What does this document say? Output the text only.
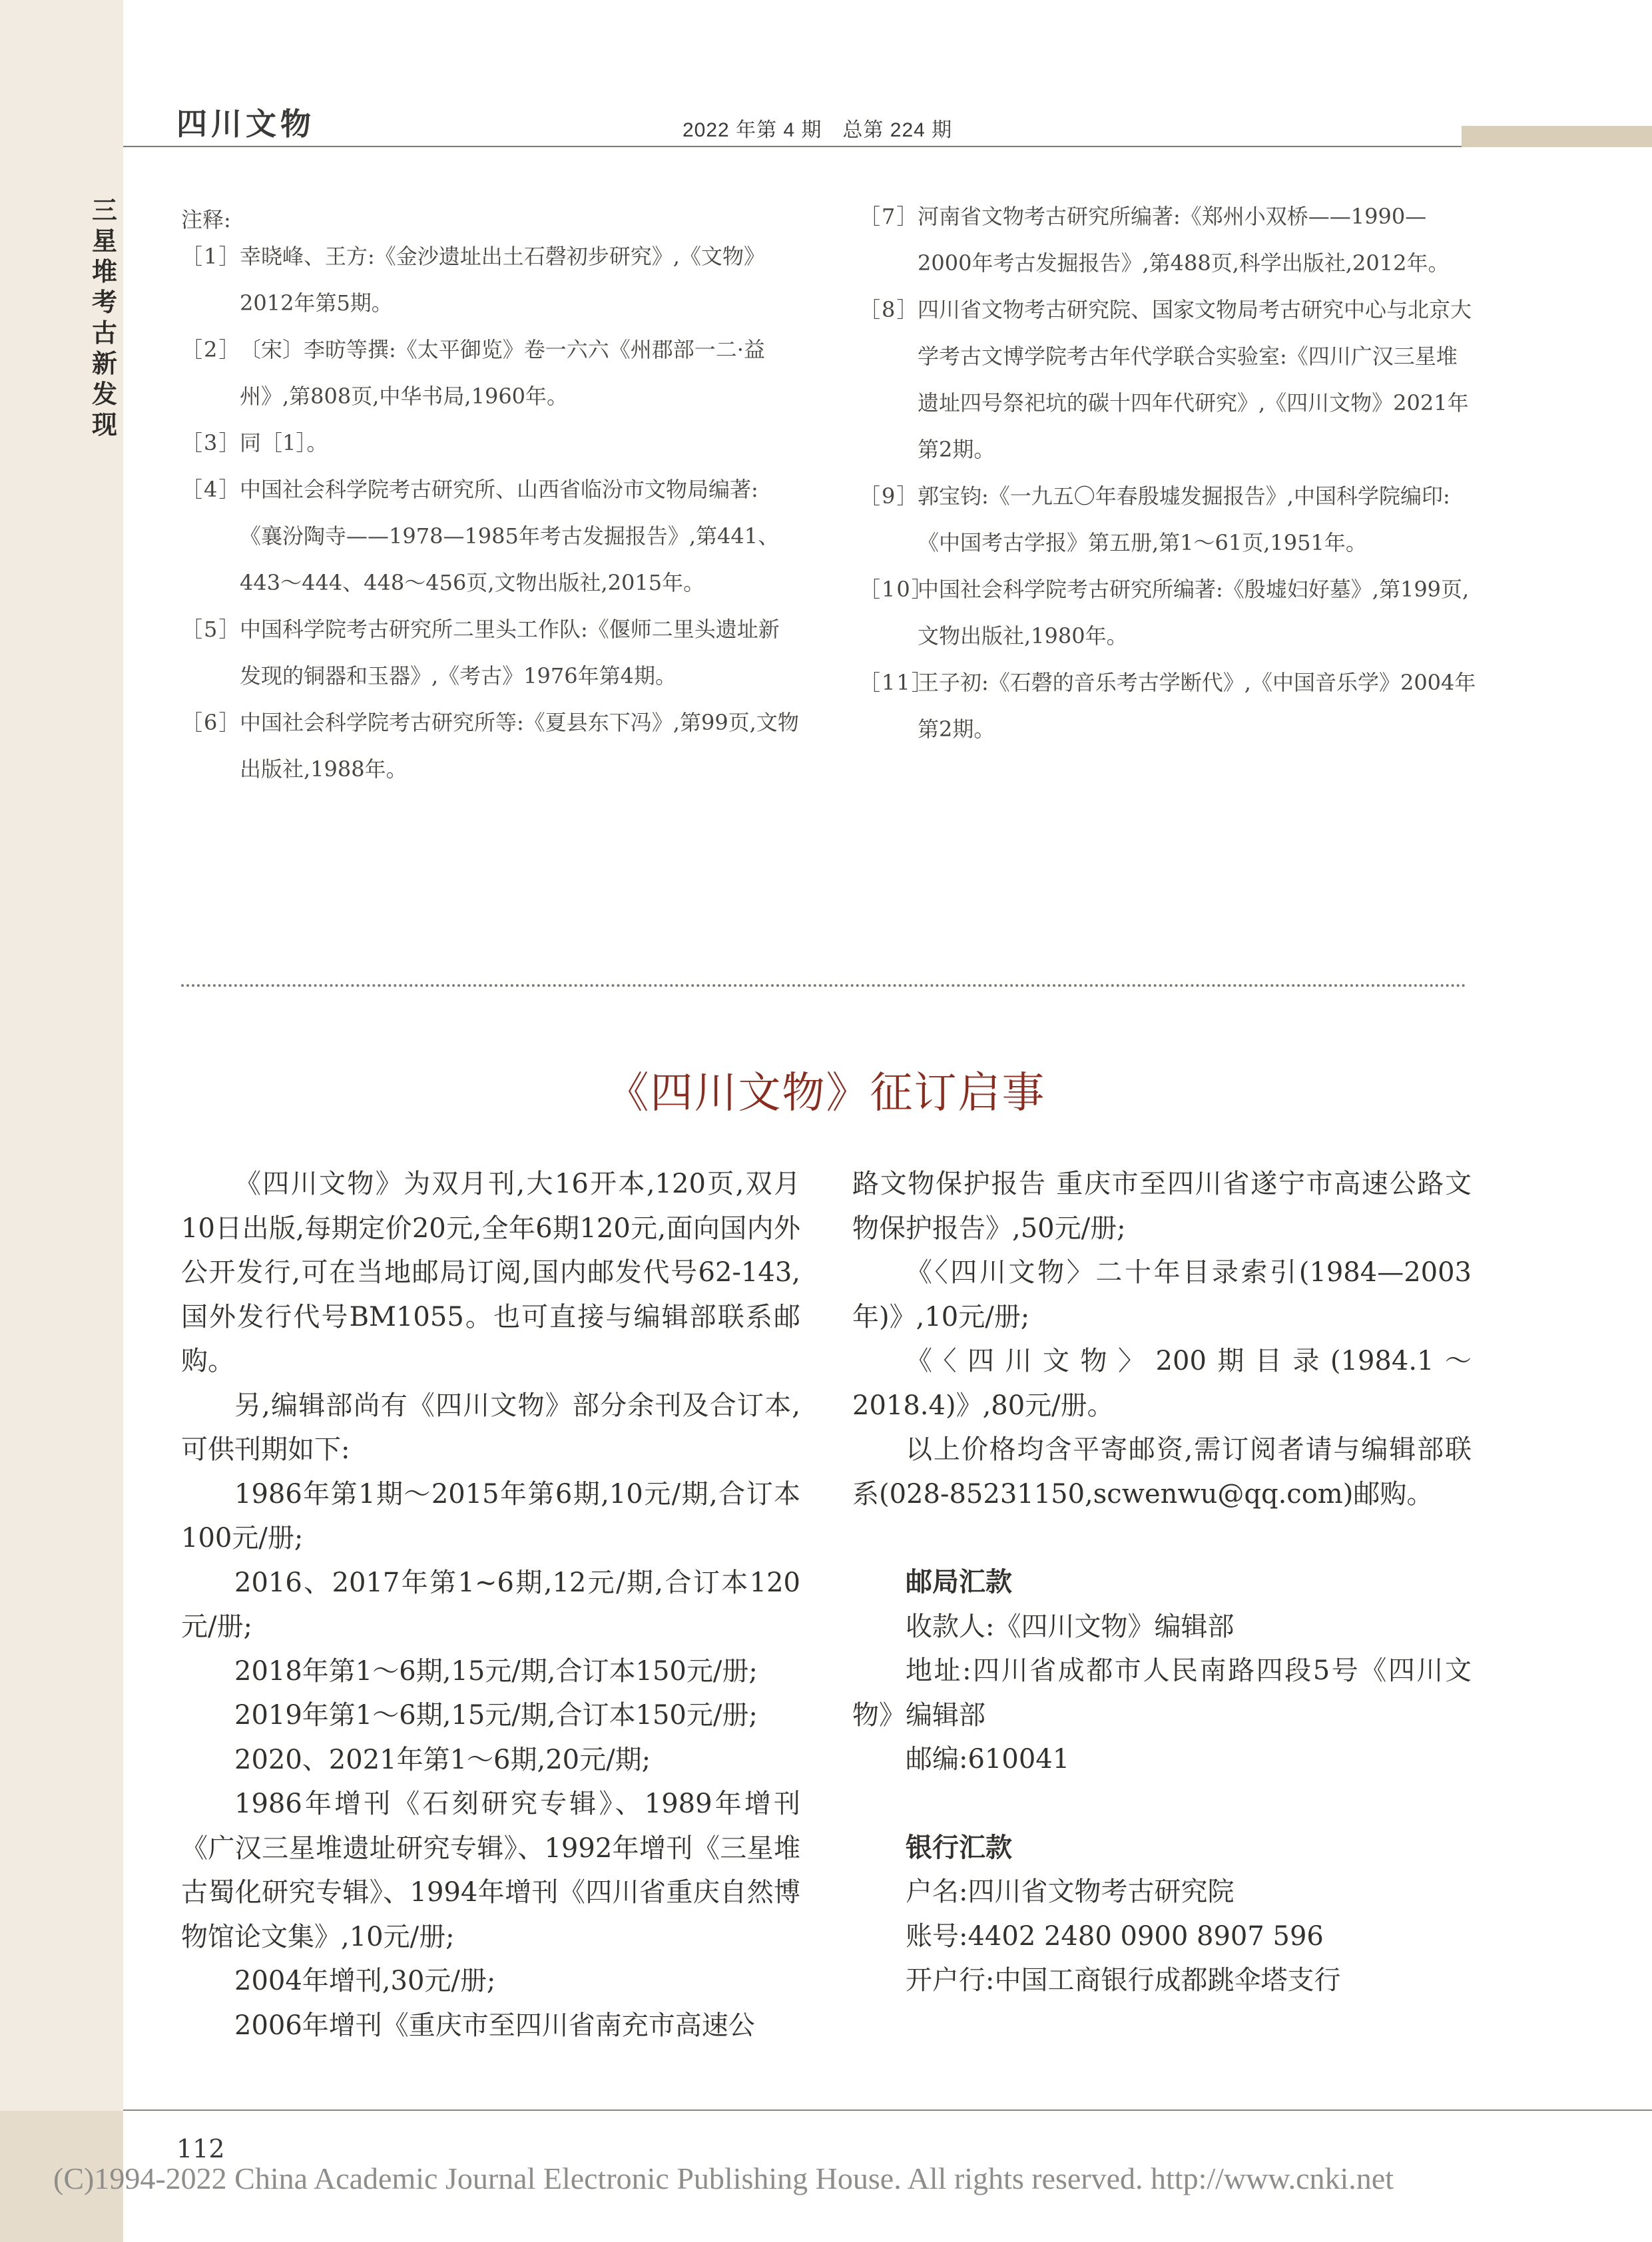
三
星
堆
考
古
新
发
现
四川文物	2022 年第 4 期　总第 224 期
注释:
［1］
幸晓峰、王方:《金沙遗址出土石磬初步研究》,《文物》2012年第5期。
［2］
〔宋〕李昉等撰:《太平御览》卷一六六《州郡部一二·益州》,第808页,中华书局,1960年。
［3］
同［1］。
［4］
中国社会科学院考古研究所、山西省临汾市文物局编著:《襄汾陶寺——1978—1985年考古发掘报告》,第441、443～444、448～456页,文物出版社,2015年。
［5］
中国科学院考古研究所二里头工作队:《偃师二里头遗址新发现的铜器和玉器》,《考古》1976年第4期。
［6］
中国社会科学院考古研究所等:《夏县东下冯》,第99页,文物出版社,1988年。
［7］
河南省文物考古研究所编著:《郑州小双桥——1990—2000年考古发掘报告》,第488页,科学出版社,2012年。
［8］
四川省文物考古研究院、国家文物局考古研究中心与北京大学考古文博学院考古年代学联合实验室:《四川广汉三星堆遗址四号祭祀坑的碳十四年代研究》,《四川文物》2021年第2期。
［9］
郭宝钧:《一九五〇年春殷墟发掘报告》,中国科学院编印:《中国考古学报》第五册,第1～61页,1951年。
［10］
中国社会科学院考古研究所编著:《殷墟妇好墓》,第199页,文物出版社,1980年。
［11］
王子初:《石磬的音乐考古学断代》,《中国音乐学》2004年第2期。
《四川文物》征订启事

《四川文物》为双月刊,大16开本,120页,双月10日出版,每期定价20元,全年6期120元,面向国内外公开发行,可在当地邮局订阅,国内邮发代号62-143,国外发行代号BM1055。也可直接与编辑部联系邮购。

另,编辑部尚有《四川文物》部分余刊及合订本,可供刊期如下:

1986年第1期～2015年第6期,10元/期,合订本100元/册;

2016、2017年第1~6期,12元/期,合订本120元/册;

2018年第1～6期,15元/期,合订本150元/册;

2019年第1～6期,15元/期,合订本150元/册;

2020、2021年第1～6期,20元/期;

1986年增刊《石刻研究专辑》、1989年增刊《广汉三星堆遗址研究专辑》、1992年增刊《三星堆古蜀化研究专辑》、1994年增刊《四川省重庆自然博物馆论文集》,10元/册;

2004年增刊,30元/册;

2006年增刊《重庆市至四川省南充市高速公

路文物保护报告 重庆市至四川省遂宁市高速公路文物保护报告》,50元/册;

《〈四川文物〉二十年目录索引(1984—2003年)》,10元/册;

《〈四川文物〉200期目录(1984.1～2018.4)》,80元/册。

以上价格均含平寄邮资,需订阅者请与编辑部联系(028-85231150,scwenwu@qq.com)邮购。

邮局汇款

收款人:《四川文物》编辑部

地址:四川省成都市人民南路四段5号《四川文物》编辑部

邮编:610041

银行汇款

户名:四川省文物考古研究院

账号:4402 2480 0900 8907 596

开户行:中国工商银行成都跳伞塔支行

112
(C)1994-2022 China Academic Journal Electronic Publishing House. All rights reserved. http://www.cnki.net
